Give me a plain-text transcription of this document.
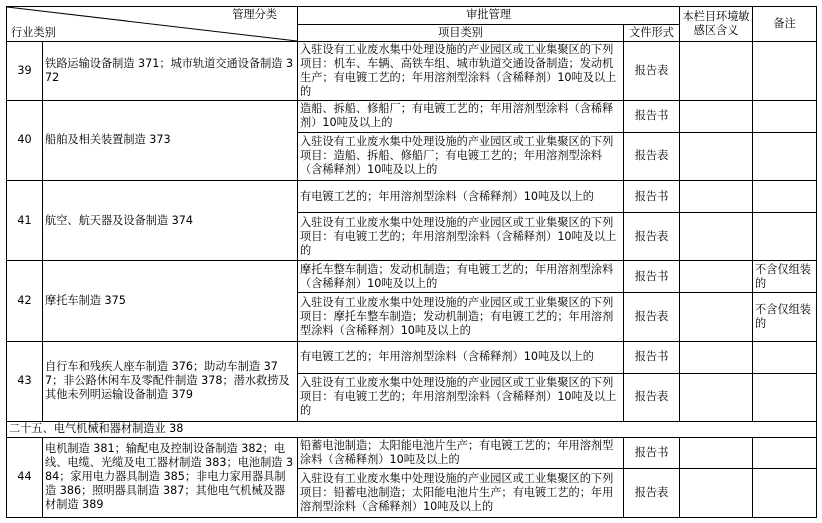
管理分类
行业类别		审批管理		本栏目环境敏感区含义	备注
		项目类别	文件形式		
39	铁路运输设备制造 371；城市轨道交通设备制造 372	入驻设有工业废水集中处理设施的产业园区或工业集聚区的下列项目：机车、车辆、高铁车组、城市轨道交通设备制造；发动机生产；有电镀工艺的；年用溶剂型涂料（含稀释剂）10吨及以上的	报告表		
40	船舶及相关装置制造 373	造船、拆船、修船厂；有电镀工艺的；年用溶剂型涂料（含稀释剂）10吨及以上的	报告书		
		入驻设有工业废水集中处理设施的产业园区或工业集聚区的下列项目：造船、拆船、修船厂；有电镀工艺的；年用溶剂型涂料（含稀释剂）10吨及以上的	报告表		
41	航空、航天器及设备制造 374	有电镀工艺的；年用溶剂型涂料（含稀释剂）10吨及以上的	报告书		
		入驻设有工业废水集中处理设施的产业园区或工业集聚区的下列项目：有电镀工艺的；年用溶剂型涂料（含稀释剂）10吨及以上的	报告表		
42	摩托车制造 375	摩托车整车制造；发动机制造；有电镀工艺的；年用溶剂型涂料（含稀释剂）10吨及以上的	报告书		不含仅组装的
		入驻设有工业废水集中处理设施的产业园区或工业集聚区的下列项目：摩托车整车制造；发动机制造；有电镀工艺的；年用溶剂型涂料（含稀释剂）10吨及以上的	报告表		不含仅组装的
43	自行车和残疾人座车制造 376；助动车制造 377；非公路休闲车及零配件制造 378；潜水救捞及其他未列明运输设备制造 379	有电镀工艺的；年用溶剂型涂料（含稀释剂）10吨及以上的	报告书		
		入驻设有工业废水集中处理设施的产业园区或工业集聚区的下列项目：有电镀工艺的；年用溶剂型涂料（含稀释剂）10吨及以上的	报告表		
二十五、电气机械和器材制造业 38					
44	电机制造 381；输配电及控制设备制造 382；电线、电缆、光缆及电工器材制造 383；电池制造 384；家用电力器具制造 385；非电力家用器具制造 386；照明器具制造 387；其他电气机械及器材制造 389	铅蓄电池制造；太阳能电池片生产；有电镀工艺的；年用溶剂型涂料（含稀释剂）10吨及以上的	报告书		
		入驻设有工业废水集中处理设施的产业园区或工业集聚区的下列项目：铅蓄电池制造；太阳能电池片生产；有电镀工艺的；年用溶剂型涂料（含稀释剂）10吨及以上的	报告表		
